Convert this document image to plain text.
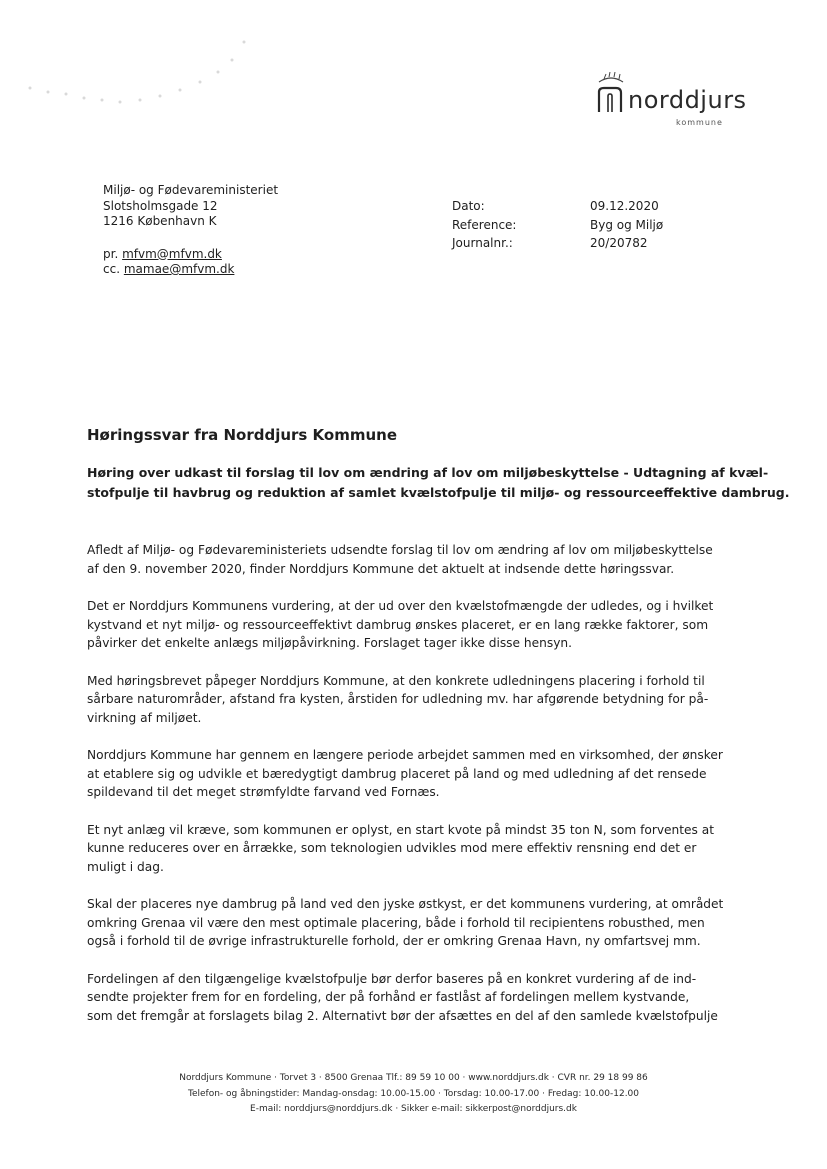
norddjurs
kommune
Miljø- og Fødevareministeriet
Slotsholmsgade 12
1216 København K
pr. mfvm@mfvm.dk
cc. mamae@mfvm.dk
Dato:	09.12.2020
Reference:	Byg og Miljø
Journalnr.:	20/20782
Høringssvar fra Norddjurs Kommune
Høring over udkast til forslag til lov om ændring af lov om miljøbeskyttelse - Udtagning af kvæl-
stofpulje til havbrug og reduktion af samlet kvælstofpulje til miljø- og ressourceeffektive dambrug.
Afledt af Miljø- og Fødevareministeriets udsendte forslag til lov om ændring af lov om miljøbeskyttelse
af den 9. november 2020, finder Norddjurs Kommune det aktuelt at indsende dette høringssvar.
Det er Norddjurs Kommunens vurdering, at der ud over den kvælstofmængde der udledes, og i hvilket
kystvand et nyt miljø- og ressourceeffektivt dambrug ønskes placeret, er en lang række faktorer, som
påvirker det enkelte anlægs miljøpåvirkning. Forslaget tager ikke disse hensyn.
Med høringsbrevet påpeger Norddjurs Kommune, at den konkrete udledningens placering i forhold til
sårbare naturområder, afstand fra kysten, årstiden for udledning mv. har afgørende betydning for på-
virkning af miljøet.
Norddjurs Kommune har gennem en længere periode arbejdet sammen med en virksomhed, der ønsker
at etablere sig og udvikle et bæredygtigt dambrug placeret på land og med udledning af det rensede
spildevand til det meget strømfyldte farvand ved Fornæs.
Et nyt anlæg vil kræve, som kommunen er oplyst, en start kvote på mindst 35 ton N, som forventes at
kunne reduceres over en årrække, som teknologien udvikles mod mere effektiv rensning end det er
muligt i dag.
Skal der placeres nye dambrug på land ved den jyske østkyst, er det kommunens vurdering, at området
omkring Grenaa vil være den mest optimale placering, både i forhold til recipientens robusthed, men
også i forhold til de øvrige infrastrukturelle forhold, der er omkring Grenaa Havn, ny omfartsvej mm.
Fordelingen af den tilgængelige kvælstofpulje bør derfor baseres på en konkret vurdering af de ind-
sendte projekter frem for en fordeling, der på forhånd er fastlåst af fordelingen mellem kystvande,
som det fremgår at forslagets bilag 2. Alternativt bør der afsættes en del af den samlede kvælstofpulje
Norddjurs Kommune · Torvet 3 · 8500 Grenaa Tlf.: 89 59 10 00 · www.norddjurs.dk · CVR nr. 29 18 99 86
Telefon- og åbningstider: Mandag-onsdag: 10.00-15.00 · Torsdag: 10.00-17.00 · Fredag: 10.00-12.00
E-mail: norddjurs@norddjurs.dk · Sikker e-mail: sikkerpost@norddjurs.dk
